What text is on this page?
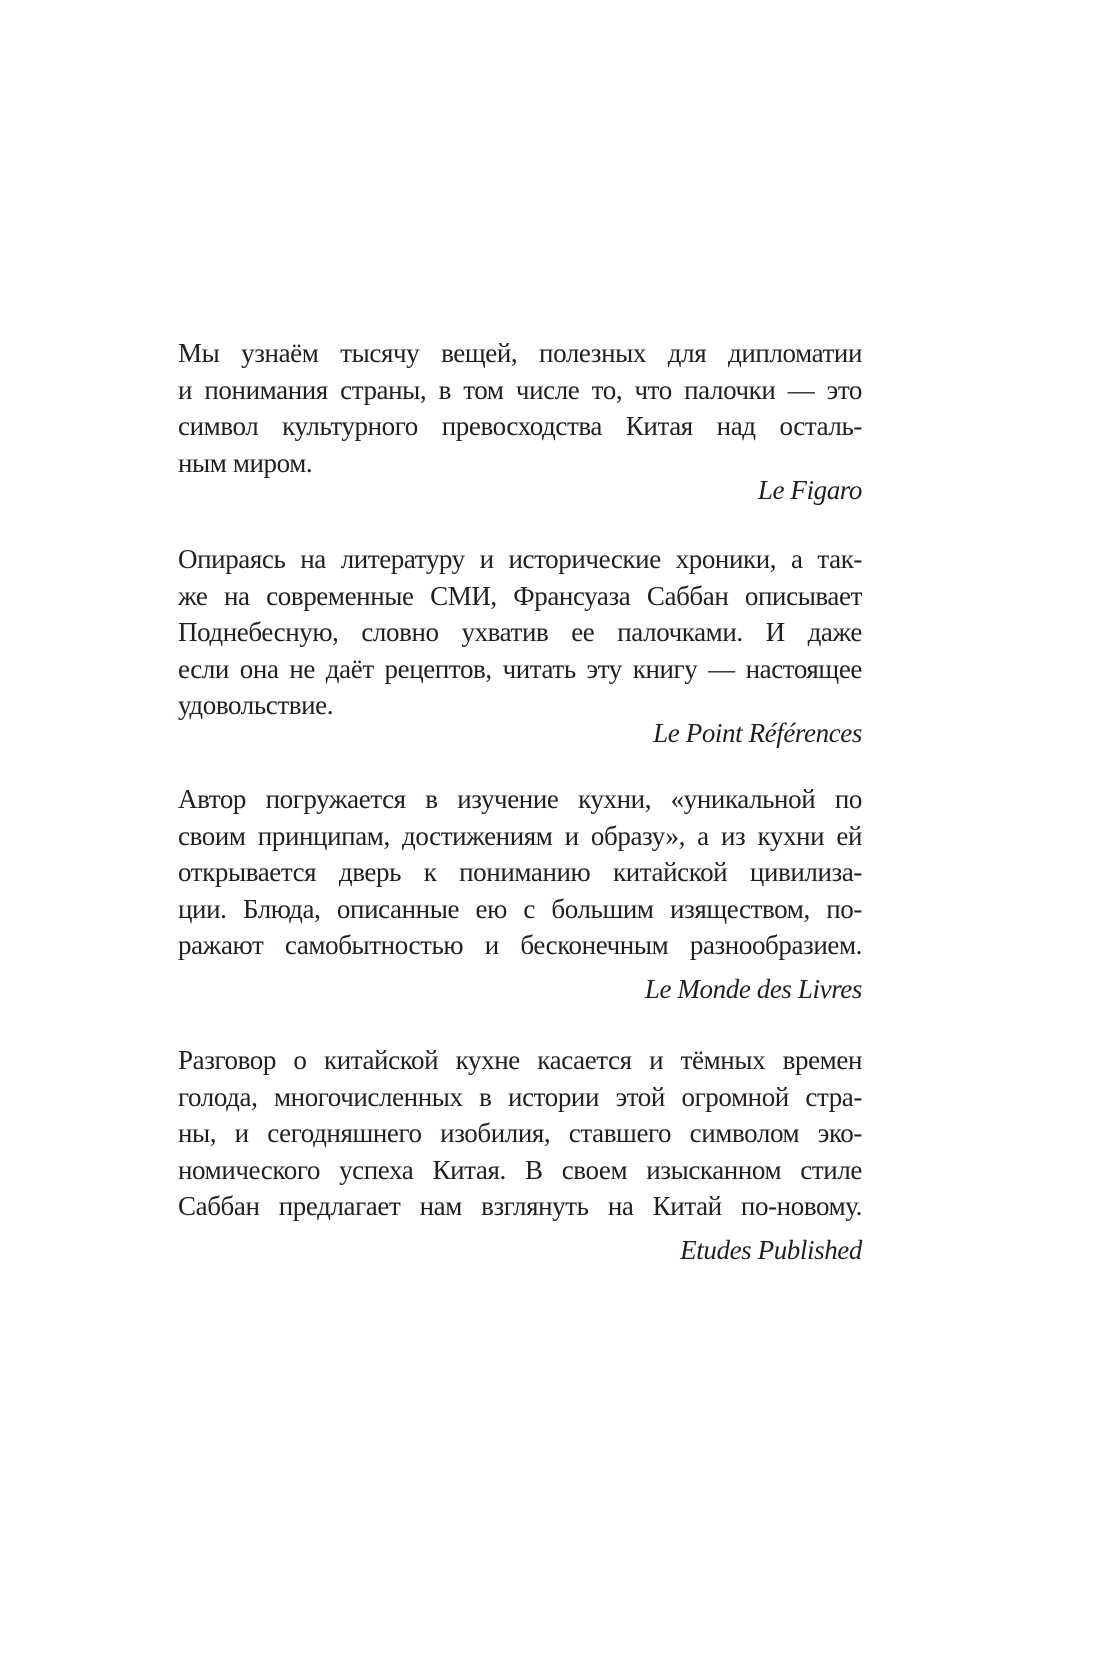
Мы узнаём тысячу вещей, полезных для дипломатии
и понимания страны, в том числе то, что палочки — это
символ культурного превосходства Китая над осталь-
ным миром.
Le Figaro
Опираясь на литературу и исторические хроники, а так-
же на современные СМИ, Франсуаза Саббан описывает
Поднебесную, словно ухватив ее палочками. И даже
если она не даёт рецептов, читать эту книгу — настоящее
удовольствие.
Le Point Références
Автор погружается в изучение кухни, «уникальной по
своим принципам, достижениям и образу», а из кухни ей
открывается дверь к пониманию китайской цивилиза-
ции. Блюда, описанные ею с большим изяществом, по-
ражают самобытностью и бесконечным разнообразием.
Le Monde des Livres
Разговор о китайской кухне касается и тёмных времен
голода, многочисленных в истории этой огромной стра-
ны, и сегодняшнего изобилия, ставшего символом эко-
номического успеха Китая. В своем изысканном стиле
Саббан предлагает нам взглянуть на Китай по-новому.
Etudes Published
